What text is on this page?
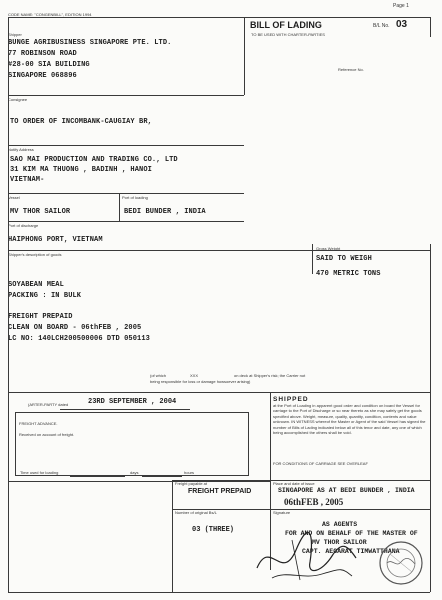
Page 1
CODE NAME: "CONGENBILL", EDITION 1994
BILL OF LADING
TO BE USED WITH CHARTER-PARTIES
B/L No. 03
Shipper
BUNGE AGRIBUSINESS SINGAPORE PTE. LTD.
77 ROBINSON ROAD
#28-00 SIA BUILDING
SINGAPORE 068896
Reference No.
Consignee
TO ORDER OF INCOMBANK-CAUGIAY BR,
Notify Address
SAO MAI PRODUCTION AND TRADING CO., LTD
31 KIM MA THUONG , BADINH , HANOI
VIETNAM-
Vessel	Port of loading
MV THOR SAILOR	BEDI BUNDER , INDIA
Port of discharge
HAIPHONG PORT, VIETNAM
Shipper's description of goods
Gross Weight
SAID TO WEIGH
470 METRIC TONS
SOYABEAN MEAL
PACKING : IN BULK
FREIGHT PREPAID
CLEAN ON BOARD - 06thFEB , 2005
LC NO: 140LCH200500006 DTD 050113
(of which	XXX	on deck at Shipper's risk; the Carrier not
being responsible for loss or damage howsoever arising)
(ARTER-PARTY dated	23RD SEPTEMBER , 2004	SHIPPED
at the Port of Loading in apparent good order and condition on board the Vessel for carriage to the Port of Discharge or so near thereto as she may safely get the goods specified above. Weight, measure, quality, quantity, condition, contents and value unknown. IN WITNESS whereof the Master or Agent of the said Vessel has signed the number of Bills of Lading indicated below all of this tenor and date, any one of which being accomplished the others shall be void.
FREIGHT ADVANCE.
Received on account of freight.
Time used for loading	days	hours
FOR CONDITIONS OF CARRIAGE SEE OVERLEAF
Freight payable at
FREIGHT PREPAID
Place and date of issue
SINGAPORE AS AT BEDI BUNDER , INDIA
06thFEB , 2005
Number of original Bs/L	Signature
03 (THREE)
AS AGENTS
FOR AND ON BEHALF OF THE MASTER OF
MV THOR SAILOR
CAPT. AEGARAT TIMWATTHANA
